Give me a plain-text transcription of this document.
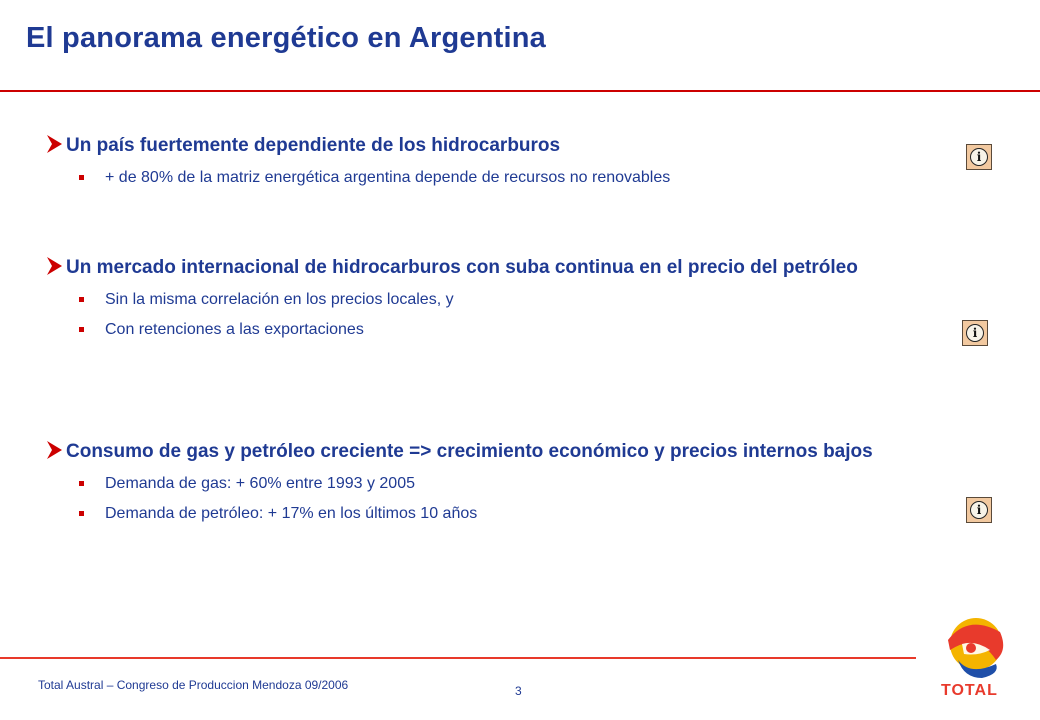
El panorama energético en Argentina
Un país fuertemente dependiente de los hidrocarburos
+ de 80% de la matriz energética argentina depende de recursos no renovables
Un mercado internacional de hidrocarburos con suba continua en el precio del petróleo
Sin la misma correlación en los precios locales, y
Con retenciones a las exportaciones
Consumo de gas y petróleo creciente => crecimiento económico y precios internos bajos
Demanda de gas: + 60% entre 1993 y 2005
Demanda de petróleo: + 17% en los últimos 10 años
i
i
i
Total Austral – Congreso de Produccion Mendoza 09/2006	3	TOTAL
